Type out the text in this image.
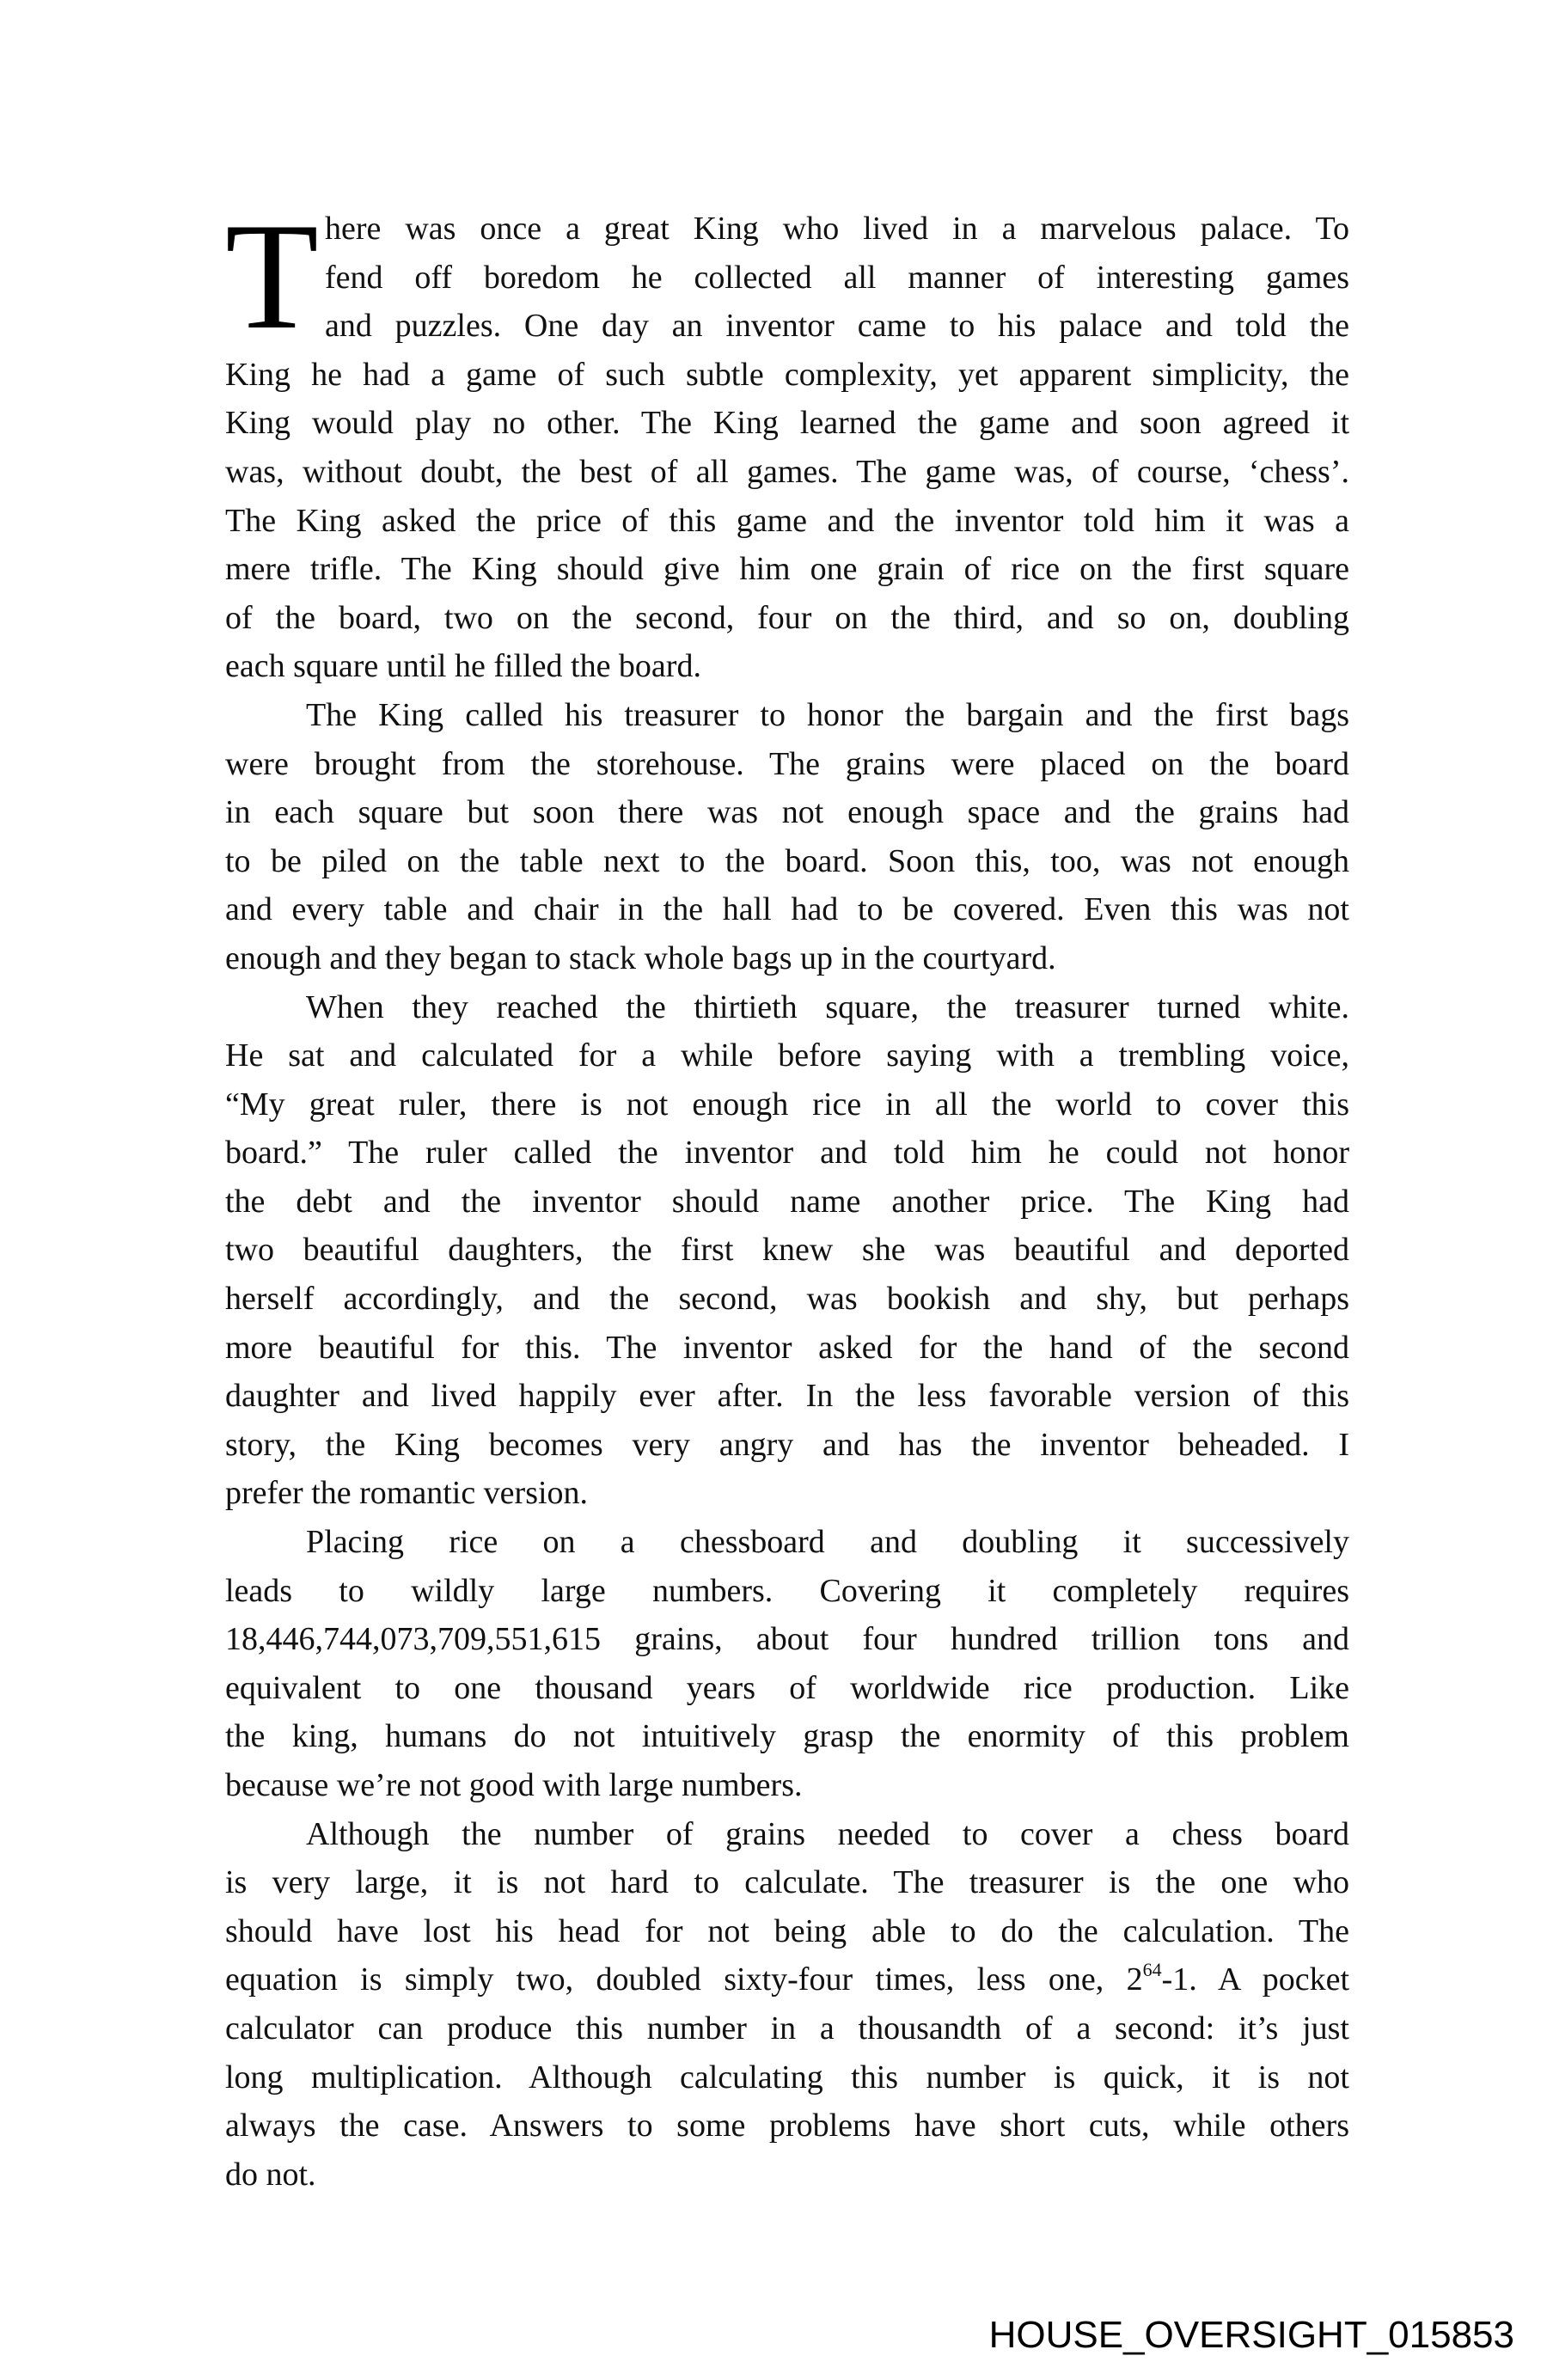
T here was once a great King who lived in a marvelous palace. To
fend off boredom he collected all manner of interesting games
and puzzles. One day an inventor came to his palace and told the
King he had a game of such subtle complexity, yet apparent simplicity, the
King would play no other. The King learned the game and soon agreed it
was, without doubt, the best of all games. The game was, of course, ‘chess’.
The King asked the price of this game and the inventor told him it was a
mere trifle. The King should give him one grain of rice on the first square
of the board, two on the second, four on the third, and so on, doubling
each square until he filled the board.
The King called his treasurer to honor the bargain and the first bags
were brought from the storehouse. The grains were placed on the board
in each square but soon there was not enough space and the grains had
to be piled on the table next to the board. Soon this, too, was not enough
and every table and chair in the hall had to be covered. Even this was not
enough and they began to stack whole bags up in the courtyard.
When they reached the thirtieth square, the treasurer turned white.
He sat and calculated for a while before saying with a trembling voice,
“My great ruler, there is not enough rice in all the world to cover this
board.” The ruler called the inventor and told him he could not honor
the debt and the inventor should name another price. The King had
two beautiful daughters, the first knew she was beautiful and deported
herself accordingly, and the second, was bookish and shy, but perhaps
more beautiful for this. The inventor asked for the hand of the second
daughter and lived happily ever after. In the less favorable version of this
story, the King becomes very angry and has the inventor beheaded. I
prefer the romantic version.
Placing rice on a chessboard and doubling it successively
leads to wildly large numbers. Covering it completely requires
18,446,744,073,709,551,615 grains, about four hundred trillion tons and
equivalent to one thousand years of worldwide rice production. Like
the king, humans do not intuitively grasp the enormity of this problem
because we’re not good with large numbers.
Although the number of grains needed to cover a chess board
is very large, it is not hard to calculate. The treasurer is the one who
should have lost his head for not being able to do the calculation. The
equation is simply two, doubled sixty-four times, less one, $2^{64}-1$. A pocket
calculator can produce this number in a thousandth of a second: it’s just
long multiplication. Although calculating this number is quick, it is not
always the case. Answers to some problems have short cuts, while others
do not.
HOUSE_OVERSIGHT_015853
